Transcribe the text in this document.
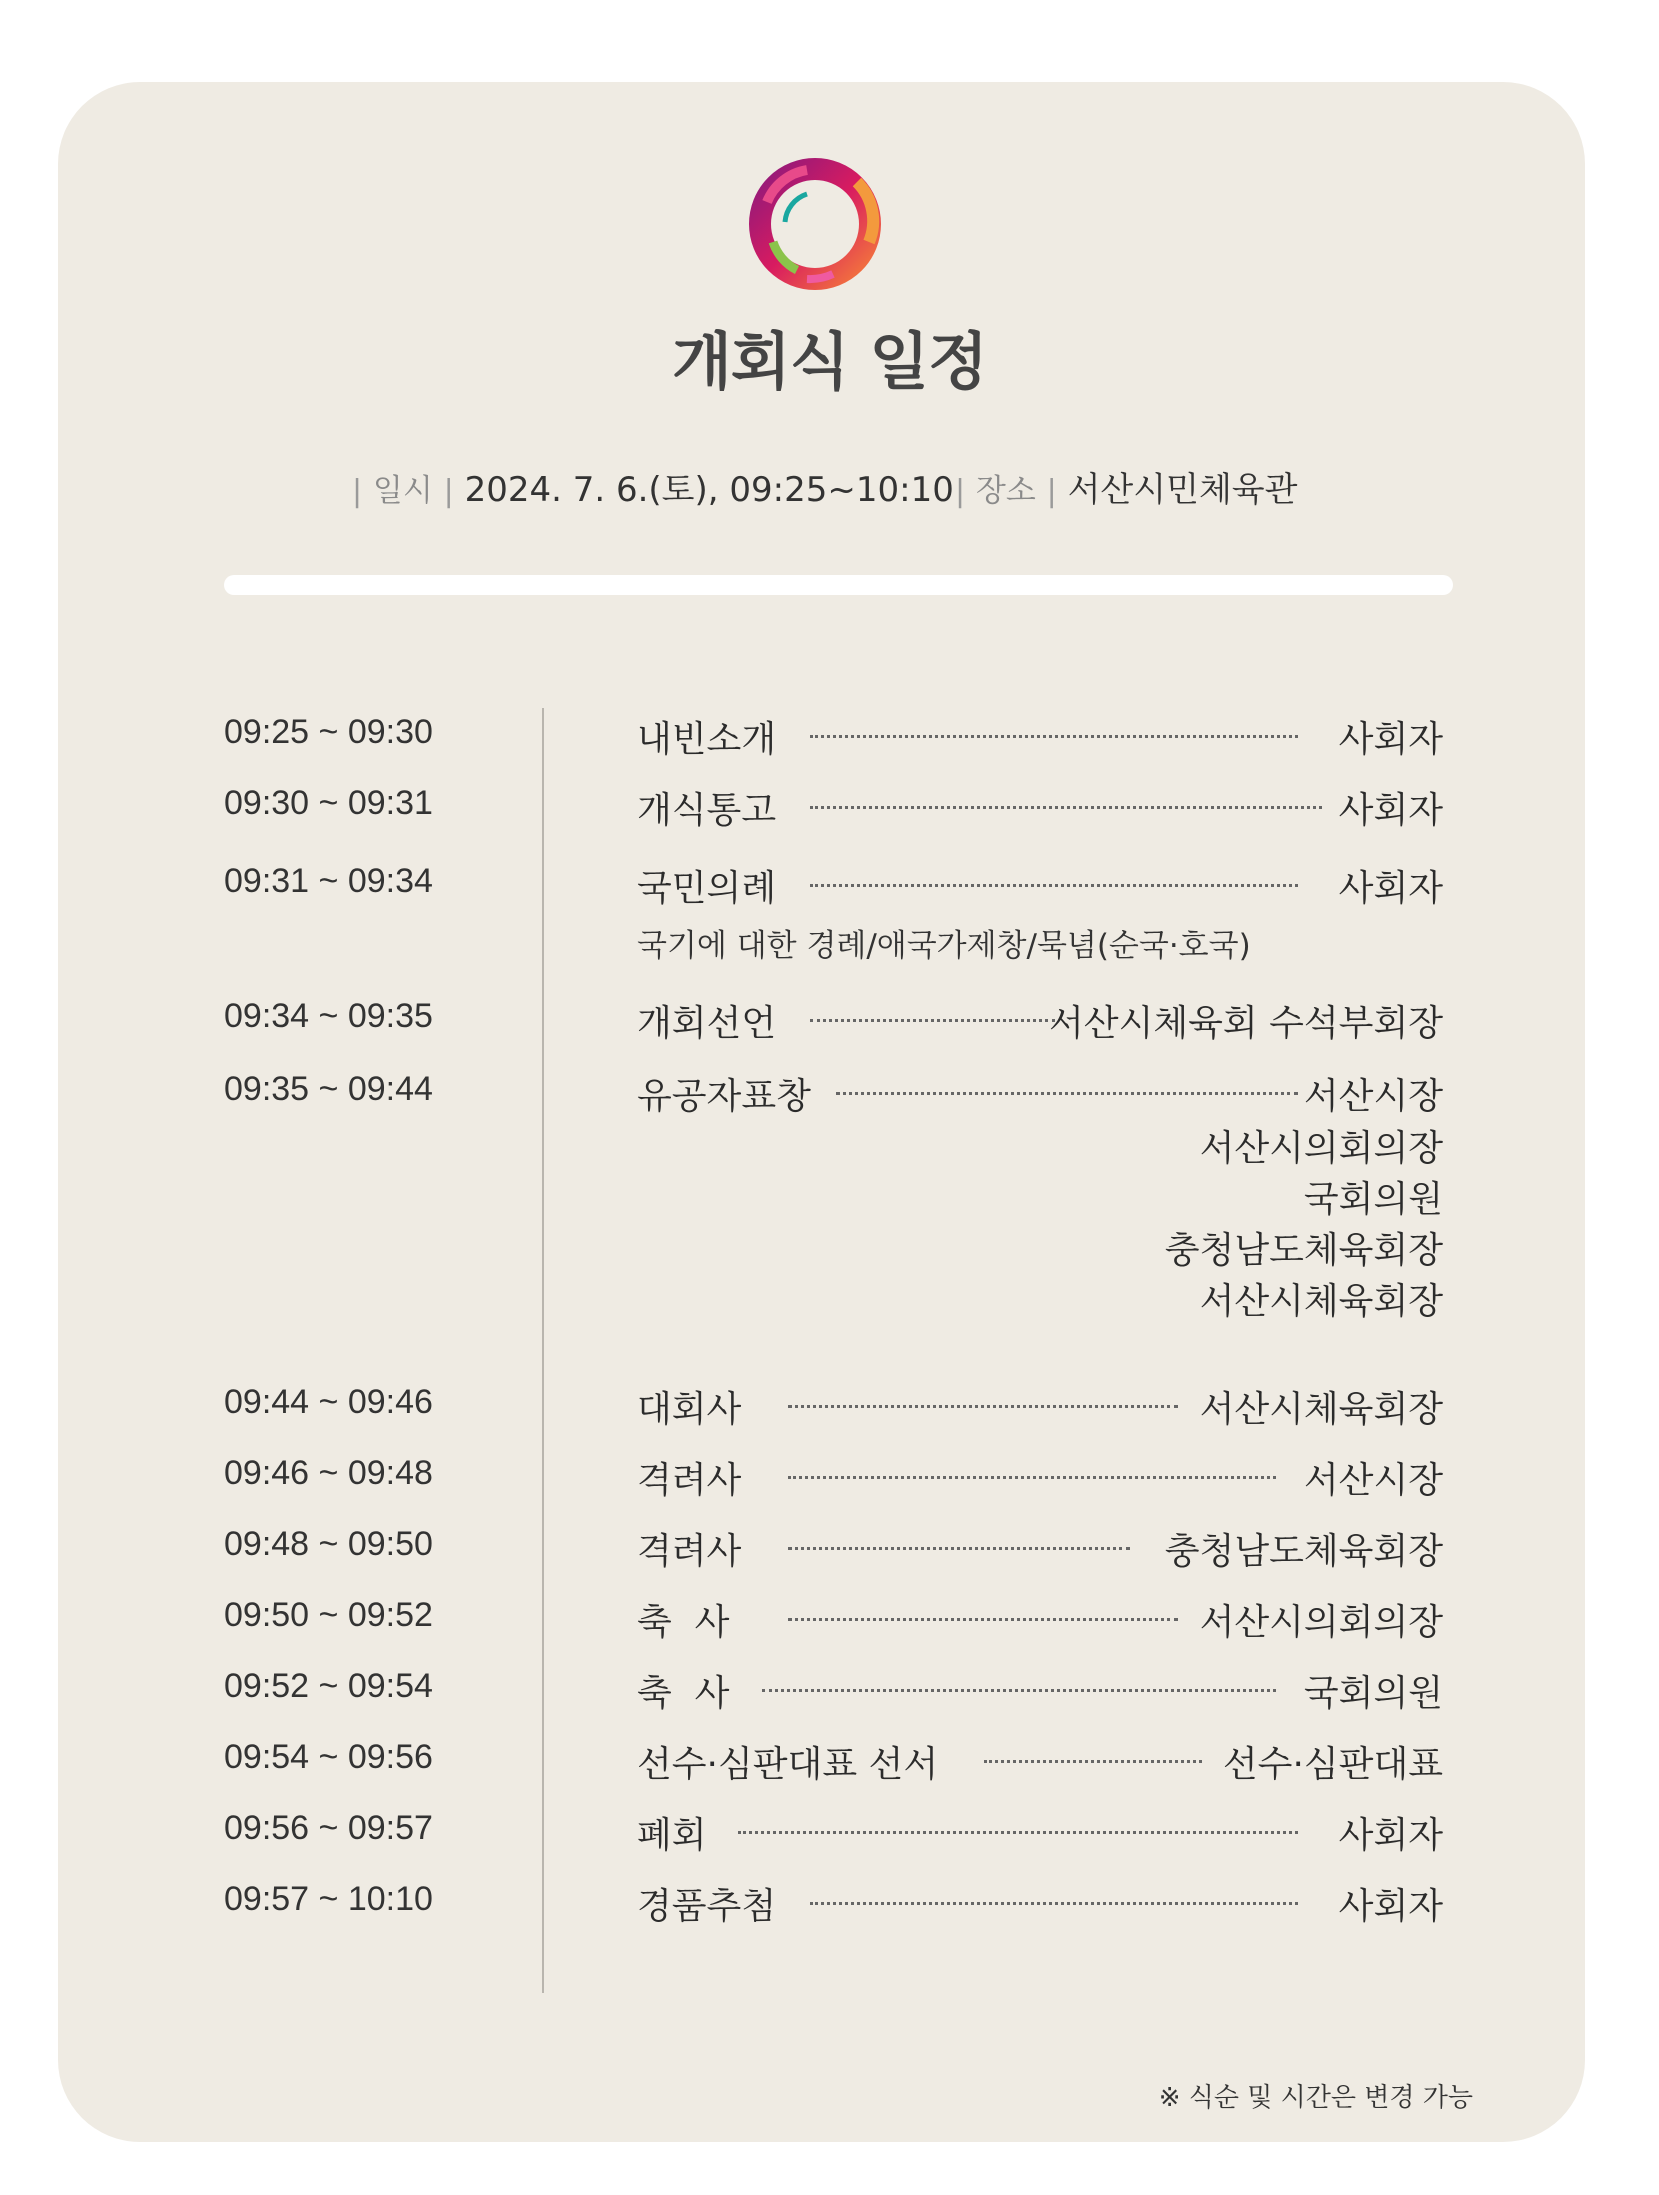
개회식 일정
| 일시 | 2024. 7. 6.(토), 09:25~10:10 | 장소 | 서산시민체육관
09:25 ~ 09:30	내빈소개	사회자
09:30 ~ 09:31	개식통고	사회자
09:31 ~ 09:34	국민의례	사회자
국기에 대한 경례/애국가제창/묵념(순국·호국)
09:34 ~ 09:35	개회선언	서산시체육회 수석부회장
09:35 ~ 09:44	유공자표창	서산시장
서산시의회의장
국회의원
충청남도체육회장
서산시체육회장
09:44 ~ 09:46	대회사	서산시체육회장
09:46 ~ 09:48	격려사	서산시장
09:48 ~ 09:50	격려사	충청남도체육회장
09:50 ~ 09:52	축  사	서산시의회의장
09:52 ~ 09:54	축  사	국회의원
09:54 ~ 09:56	선수·심판대표 선서	선수·심판대표
09:56 ~ 09:57	폐회	사회자
09:57 ~ 10:10	경품추첨	사회자
※ 식순 및 시간은 변경 가능
